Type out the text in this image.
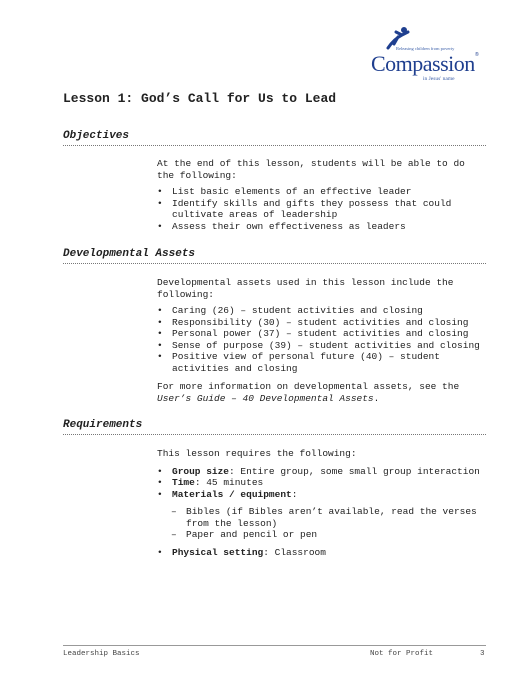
Releasing children from poverty
Compassion ®
in Jesus' name
Lesson 1: God’s Call for Us to Lead
Objectives

At the end of this lesson, students will be able to do the following:

• List basic elements of an effective leader
• Identify skills and gifts they possess that could cultivate areas of leadership
• Assess their own effectiveness as leaders
Developmental Assets

Developmental assets used in this lesson include the following:

• Caring (26) – student activities and closing
• Responsibility (30) – student activities and closing
• Personal power (37) – student activities and closing
• Sense of purpose (39) – student activities and closing
• Positive view of personal future (40) – student activities and closing

For more information on developmental assets, see the User’s Guide – 40 Developmental Assets.

Requirements

This lesson requires the following:

• Group size: Entire group, some small group interaction
• Time: 45 minutes
• Materials / equipment:
– Bibles (if Bibles aren’t available, read the verses from the lesson)
– Paper and pencil or pen
• Physical setting: Classroom
Leadership Basics	Not for Profit	3
